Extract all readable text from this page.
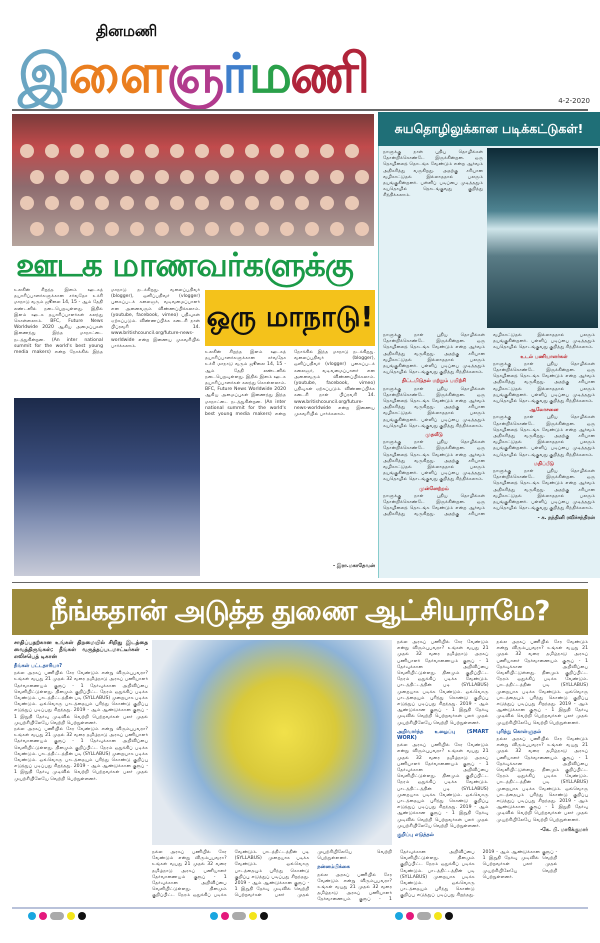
தினமணி
இ ளை ஞ ர் ம ணி	4-2-2020
ஊடக மாணவர்களுக்கு
ஒரு மாநாடு!
உலகின் சிறந்த இளம் ஊடகத் தயாரிப்பாளர்களுக்கான சர்வதேச உச்சி மாநாடு வரும் ஜூலை 14, 15 - ஆம் தேதி லண்டனில் நடைபெறவுள்ளது. இதில் இளம் ஊடக தயாரிப்பாளர்கள் கலந்து கொள்ளலாம். BFC, Future News Worldwide 2020 ஆகிய அமைப்புகள் இணைந்து இந்த மாநாட்டை நடத்துகின்றன. (An inter national summit for the world's best young media makers) என்ற நோக்கில் இந்த மாநாடு நடக்கிறது. வலைப்பதிவர் (blogger), ஒளிப்பதிவர் (vlogger) புகைப்படக் கலைஞர், வடிவமைப்பாளர் என அனைவரும் விண்ணப்பிக்கலாம். (youtube, facebook, vimeo) பதிவுகள் ஏற்கப்படும். விண்ணப்பிக்க கடைசி நாள் பிப்ரவரி 14. www.britishcouncil.org/future-news-worldwide என்ற இணைய முகவரியில் பார்க்கலாம்.
உலகின் சிறந்த இளம் ஊடகத் தயாரிப்பாளர்களுக்கான சர்வதேச உச்சி மாநாடு வரும் ஜூலை 14, 15 - ஆம் தேதி லண்டனில் நடைபெறவுள்ளது. இதில் இளம் ஊடக தயாரிப்பாளர்கள் கலந்து கொள்ளலாம். BFC, Future News Worldwide 2020 ஆகிய அமைப்புகள் இணைந்து இந்த மாநாட்டை நடத்துகின்றன. (An inter national summit for the world's best young media makers) என்ற நோக்கில் இந்த மாநாடு நடக்கிறது. வலைப்பதிவர் (blogger), ஒளிப்பதிவர் (vlogger) புகைப்படக் கலைஞர், வடிவமைப்பாளர் என அனைவரும் விண்ணப்பிக்கலாம். (youtube, facebook, vimeo) பதிவுகள் ஏற்கப்படும். விண்ணப்பிக்க கடைசி நாள் பிப்ரவரி 14. www.britishcouncil.org/future-news-worldwide என்ற இணைய முகவரியில் பார்க்கலாம்.
- இரா.மகாதேவன்
சுயதொழிலுக்கான படிக்கட்டுகள்!
நாளுக்கு நாள் புதிய தொழில்கள் தோன்றிக்கொண்டே இருக்கின்றன. ஒரு தொழிலைத் தொடங்க வேண்டும் என்ற ஆர்வம் அதிகரித்து வருகிறது. அதற்கு சரியான வழிகாட்டுதல் இல்லாததால் பலரும் தயங்குகின்றனர். பள்ளிப் படிப்பை முடித்ததும் சுயதொழில் தொடங்குவது குறித்து சிந்திக்கலாம்.

நாளுக்கு நாள் புதிய தொழில்கள் தோன்றிக்கொண்டே இருக்கின்றன. ஒரு தொழிலைத் தொடங்க வேண்டும் என்ற ஆர்வம் அதிகரித்து வருகிறது. அதற்கு சரியான வழிகாட்டுதல் இல்லாததால் பலரும் தயங்குகின்றனர். பள்ளிப் படிப்பை முடித்ததும் சுயதொழில் தொடங்குவது குறித்து சிந்திக்கலாம்.

திட்டமிடுதல் மற்றும் பயிற்சி

நாளுக்கு நாள் புதிய தொழில்கள் தோன்றிக்கொண்டே இருக்கின்றன. ஒரு தொழிலைத் தொடங்க வேண்டும் என்ற ஆர்வம் அதிகரித்து வருகிறது. அதற்கு சரியான வழிகாட்டுதல் இல்லாததால் பலரும் தயங்குகின்றனர். பள்ளிப் படிப்பை முடித்ததும் சுயதொழில் தொடங்குவது குறித்து சிந்திக்கலாம்.

முதலீடு

நாளுக்கு நாள் புதிய தொழில்கள் தோன்றிக்கொண்டே இருக்கின்றன. ஒரு தொழிலைத் தொடங்க வேண்டும் என்ற ஆர்வம் அதிகரித்து வருகிறது. அதற்கு சரியான வழிகாட்டுதல் இல்லாததால் பலரும் தயங்குகின்றனர். பள்ளிப் படிப்பை முடித்ததும் சுயதொழில் தொடங்குவது குறித்து சிந்திக்கலாம்.

முன்னேற்றம்

நாளுக்கு நாள் புதிய தொழில்கள் தோன்றிக்கொண்டே இருக்கின்றன. ஒரு தொழிலைத் தொடங்க வேண்டும் என்ற ஆர்வம் அதிகரித்து வருகிறது. அதற்கு சரியான வழிகாட்டுதல் இல்லாததால் பலரும் தயங்குகின்றனர். பள்ளிப் படிப்பை முடித்ததும் சுயதொழில் தொடங்குவது குறித்து சிந்திக்கலாம்.

உடல் பணியாளர்கள்

நாளுக்கு நாள் புதிய தொழில்கள் தோன்றிக்கொண்டே இருக்கின்றன. ஒரு தொழிலைத் தொடங்க வேண்டும் என்ற ஆர்வம் அதிகரித்து வருகிறது. அதற்கு சரியான வழிகாட்டுதல் இல்லாததால் பலரும் தயங்குகின்றனர். பள்ளிப் படிப்பை முடித்ததும் சுயதொழில் தொடங்குவது குறித்து சிந்திக்கலாம்.

ஆலோசனை

நாளுக்கு நாள் புதிய தொழில்கள் தோன்றிக்கொண்டே இருக்கின்றன. ஒரு தொழிலைத் தொடங்க வேண்டும் என்ற ஆர்வம் அதிகரித்து வருகிறது. அதற்கு சரியான வழிகாட்டுதல் இல்லாததால் பலரும் தயங்குகின்றனர். பள்ளிப் படிப்பை முடித்ததும் சுயதொழில் தொடங்குவது குறித்து சிந்திக்கலாம்.

மதிப்பீடு

நாளுக்கு நாள் புதிய தொழில்கள் தோன்றிக்கொண்டே இருக்கின்றன. ஒரு தொழிலைத் தொடங்க வேண்டும் என்ற ஆர்வம் அதிகரித்து வருகிறது. அதற்கு சரியான வழிகாட்டுதல் இல்லாததால் பலரும் தயங்குகின்றனர். பள்ளிப் படிப்பை முடித்ததும் சுயதொழில் தொடங்குவது குறித்து சிந்திக்கலாம்.

- க. நந்தினி ரவிச்சந்திரன்
நீங்கதான் அடுத்த துணை ஆட்சியராமே?
சாதிப்பதற்கான உங்கள் திறமையில் சிறிது இடத்தை வைத்திருங்கள்; நீங்கள் வருத்தப்படமாட்டீர்கள் - எலிசபெத் டிகான்
நீங்கள் பட்டதாரியா?

நல்ல அரசுப் பணியில் சேர வேண்டும் என்று விரும்புபவரா? உங்கள் வயது 21 முதல் 32 வரை தமிழ்நாடு அரசுப் பணியாளர் தேர்வாணையம் குரூப் - 1 தேர்வுக்கான அறிவிப்பை வெளியிட்டுள்ளது. தினமும் குறிப்பிட்ட நேரம் ஒதுக்கிப் படிக்க வேண்டும். பாடத்திட்டத்தின் படி (SYLLABUS) முறையாக படிக்க வேண்டும். ஒவ்வொரு பாடத்தையும் புரிந்து கொண்டு குறிப்பு எடுத்துப் படிப்பது சிறந்தது. 2019 - ஆம் ஆண்டுக்கான குரூப் - 1 இறுதி தேர்வு முடிவில் வெற்றி பெற்றவர்கள் பலர் முதல் முயற்சியிலேயே வெற்றி பெற்றுள்ளனர்.

நல்ல அரசுப் பணியில் சேர வேண்டும் என்று விரும்புபவரா? உங்கள் வயது 21 முதல் 32 வரை தமிழ்நாடு அரசுப் பணியாளர் தேர்வாணையம் குரூப் - 1 தேர்வுக்கான அறிவிப்பை வெளியிட்டுள்ளது. தினமும் குறிப்பிட்ட நேரம் ஒதுக்கிப் படிக்க வேண்டும். பாடத்திட்டத்தின் படி (SYLLABUS) முறையாக படிக்க வேண்டும். ஒவ்வொரு பாடத்தையும் புரிந்து கொண்டு குறிப்பு எடுத்துப் படிப்பது சிறந்தது. 2019 - ஆம் ஆண்டுக்கான குரூப் - 1 இறுதி தேர்வு முடிவில் வெற்றி பெற்றவர்கள் பலர் முதல் முயற்சியிலேயே வெற்றி பெற்றுள்ளனர்.

நல்ல அரசுப் பணியில் சேர வேண்டும் என்று விரும்புபவரா? உங்கள் வயது 21 முதல் 32 வரை தமிழ்நாடு அரசுப் பணியாளர் தேர்வாணையம் குரூப் - 1 தேர்வுக்கான அறிவிப்பை வெளியிட்டுள்ளது. தினமும் குறிப்பிட்ட நேரம் ஒதுக்கிப் படிக்க வேண்டும். பாடத்திட்டத்தின் படி (SYLLABUS) முறையாக படிக்க வேண்டும். ஒவ்வொரு பாடத்தையும் புரிந்து கொண்டு குறிப்பு எடுத்துப் படிப்பது சிறந்தது. 2019 - ஆம் ஆண்டுக்கான குரூப் - 1 இறுதி தேர்வு முடிவில் வெற்றி பெற்றவர்கள் பலர் முதல் முயற்சியிலேயே வெற்றி பெற்றுள்ளனர்.

நன்னம்பிக்கை

நல்ல அரசுப் பணியில் சேர வேண்டும் என்று விரும்புபவரா? உங்கள் வயது 21 முதல் 32 வரை தமிழ்நாடு அரசுப் பணியாளர் தேர்வாணையம் குரூப் - 1 தேர்வுக்கான அறிவிப்பை வெளியிட்டுள்ளது. தினமும் குறிப்பிட்ட நேரம் ஒதுக்கிப் படிக்க வேண்டும். பாடத்திட்டத்தின் படி (SYLLABUS) முறையாக படிக்க வேண்டும். ஒவ்வொரு பாடத்தையும் புரிந்து கொண்டு குறிப்பு எடுத்துப் படிப்பது சிறந்தது. 2019 - ஆம் ஆண்டுக்கான குரூப் - 1 இறுதி தேர்வு முடிவில் வெற்றி பெற்றவர்கள் பலர் முதல் முயற்சியிலேயே வெற்றி பெற்றுள்ளனர்.

நல்ல அரசுப் பணியில் சேர வேண்டும் என்று விரும்புபவரா? உங்கள் வயது 21 முதல் 32 வரை தமிழ்நாடு அரசுப் பணியாளர் தேர்வாணையம் குரூப் - 1 தேர்வுக்கான அறிவிப்பை வெளியிட்டுள்ளது. தினமும் குறிப்பிட்ட நேரம் ஒதுக்கிப் படிக்க வேண்டும். பாடத்திட்டத்தின் படி (SYLLABUS) முறையாக படிக்க வேண்டும். ஒவ்வொரு பாடத்தையும் புரிந்து கொண்டு குறிப்பு எடுத்துப் படிப்பது சிறந்தது. 2019 - ஆம் ஆண்டுக்கான குரூப் - 1 இறுதி தேர்வு முடிவில் வெற்றி பெற்றவர்கள் பலர் முதல் முயற்சியிலேயே வெற்றி பெற்றுள்ளனர்.

அறிவார்ந்த உழைப்பு (SMART WORK)

நல்ல அரசுப் பணியில் சேர வேண்டும் என்று விரும்புபவரா? உங்கள் வயது 21 முதல் 32 வரை தமிழ்நாடு அரசுப் பணியாளர் தேர்வாணையம் குரூப் - 1 தேர்வுக்கான அறிவிப்பை வெளியிட்டுள்ளது. தினமும் குறிப்பிட்ட நேரம் ஒதுக்கிப் படிக்க வேண்டும். பாடத்திட்டத்தின் படி (SYLLABUS) முறையாக படிக்க வேண்டும். ஒவ்வொரு பாடத்தையும் புரிந்து கொண்டு குறிப்பு எடுத்துப் படிப்பது சிறந்தது. 2019 - ஆம் ஆண்டுக்கான குரூப் - 1 இறுதி தேர்வு முடிவில் வெற்றி பெற்றவர்கள் பலர் முதல் முயற்சியிலேயே வெற்றி பெற்றுள்ளனர்.

குறிப்பு எடுத்தல்

நல்ல அரசுப் பணியில் சேர வேண்டும் என்று விரும்புபவரா? உங்கள் வயது 21 முதல் 32 வரை தமிழ்நாடு அரசுப் பணியாளர் தேர்வாணையம் குரூப் - 1 தேர்வுக்கான அறிவிப்பை வெளியிட்டுள்ளது. தினமும் குறிப்பிட்ட நேரம் ஒதுக்கிப் படிக்க வேண்டும். பாடத்திட்டத்தின் படி (SYLLABUS) முறையாக படிக்க வேண்டும். ஒவ்வொரு பாடத்தையும் புரிந்து கொண்டு குறிப்பு எடுத்துப் படிப்பது சிறந்தது. 2019 - ஆம் ஆண்டுக்கான குரூப் - 1 இறுதி தேர்வு முடிவில் வெற்றி பெற்றவர்கள் பலர் முதல் முயற்சியிலேயே வெற்றி பெற்றுள்ளனர்.

புரிந்து கொள்ளுதல்

நல்ல அரசுப் பணியில் சேர வேண்டும் என்று விரும்புபவரா? உங்கள் வயது 21 முதல் 32 வரை தமிழ்நாடு அரசுப் பணியாளர் தேர்வாணையம் குரூப் - 1 தேர்வுக்கான அறிவிப்பை வெளியிட்டுள்ளது. தினமும் குறிப்பிட்ட நேரம் ஒதுக்கிப் படிக்க வேண்டும். பாடத்திட்டத்தின் படி (SYLLABUS) முறையாக படிக்க வேண்டும். ஒவ்வொரு பாடத்தையும் புரிந்து கொண்டு குறிப்பு எடுத்துப் படிப்பது சிறந்தது. 2019 - ஆம் ஆண்டுக்கான குரூப் - 1 இறுதி தேர்வு முடிவில் வெற்றி பெற்றவர்கள் பலர் முதல் முயற்சியிலேயே வெற்றி பெற்றுள்ளனர்.

-கே. பி. மாரிக்குமார்
